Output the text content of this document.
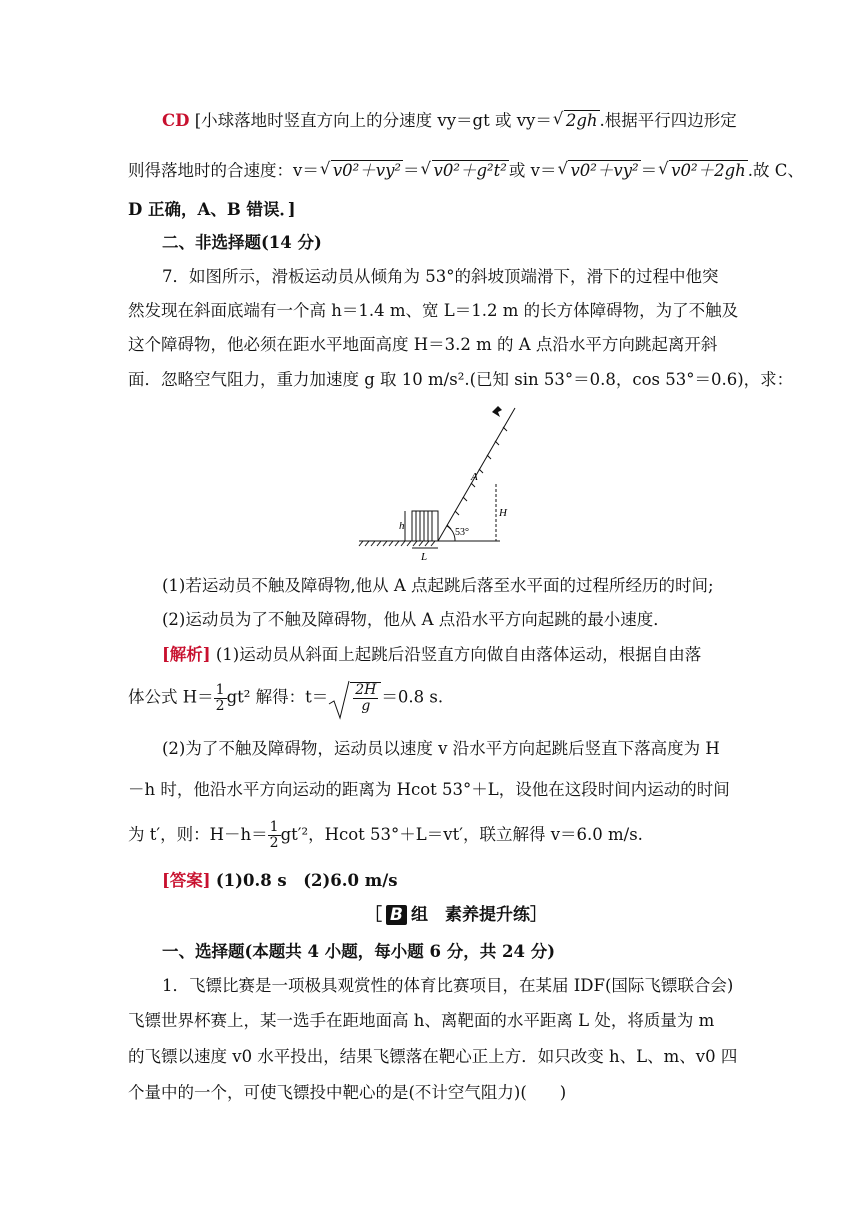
CD [小球落地时竖直方向上的分速度 vy＝gt 或 vy＝ √ 2gh .根据平行四边形定
则得落地时的合速度：v＝ √ v0²＋vy² ＝ √ v0²＋g²t² 或 v＝ √ v0²＋vy² ＝ √ v0²＋2gh .故 C、
D 正确，A、B 错误．]
二、非选择题(14 分)
7．如图所示，滑板运动员从倾角为 53°的斜坡顶端滑下，滑下的过程中他突
然发现在斜面底端有一个高 h＝1.4 m、宽 L＝1.2 m 的长方体障碍物，为了不触及
这个障碍物，他必须在距水平地面高度 H＝3.2 m 的 A 点沿水平方向跳起离开斜
面．忽略空气阻力，重力加速度 g 取 10 m/s².(已知 sin 53°＝0.8，cos 53°＝0.6)，求：
A
H
h
L
53°
(1)若运动员不触及障碍物,他从 A 点起跳后落至水平面的过程所经历的时间;
(2)运动员为了不触及障碍物，他从 A 点沿水平方向起跳的最小速度．
[解析] (1)运动员从斜面上起跳后沿竖直方向做自由落体运动，根据自由落
体公式 $H= \frac{1}{2} gt^2$ 解得：$t= \frac{2H}{g} =0.8$ s.
(2)为了不触及障碍物，运动员以速度 v 沿水平方向起跳后竖直下落高度为 H
－h 时，他沿水平方向运动的距离为 Hcot 53°＋L，设他在这段时间内运动的时间
为 t′，则：$H-h= \frac{1}{2} gt'^2$，Hcot 53°＋L＝vt′，联立解得 v＝6.0 m/s.
[答案] (1)0.8 s　(2)6.0 m/s
［ B 组　 素养提升练］
一、选择题(本题共 4 小题，每小题 6 分，共 24 分)
1．飞镖比赛是一项极具观赏性的体育比赛项目，在某届 IDF(国际飞镖联合会)
飞镖世界杯赛上，某一选手在距地面高 h、离靶面的水平距离 L 处，将质量为 m
的飞镖以速度 v0 水平投出，结果飞镖落在靶心正上方．如只改变 h、L、m、v0 四
个量中的一个，可使飞镖投中靶心的是(不计空气阻力)(　　)
